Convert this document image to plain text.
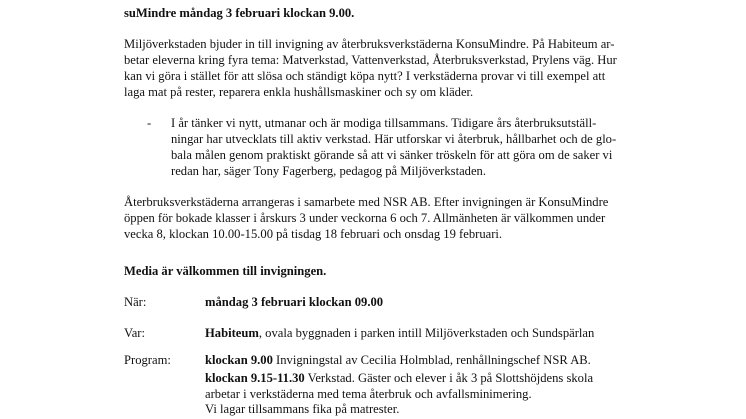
suMindre måndag 3 februari klockan 9.00.
Miljöverkstaden bjuder in till invigning av återbruksverkstäderna KonsuMindre. På Habiteum ar-
betar eleverna kring fyra tema: Matverkstad, Vattenverkstad, Återbruksverkstad, Prylens väg. Hur
kan vi göra i stället för att slösa och ständigt köpa nytt? I verkstäderna provar vi till exempel att
laga mat på rester, reparera enkla hushållsmaskiner och sy om kläder.
- I år tänker vi nytt, utmanar och är modiga tillsammans. Tidigare års återbruksutställ-
ningar har utvecklats till aktiv verkstad. Här utforskar vi återbruk, hållbarhet och de glo-
bala målen genom praktiskt görande så att vi sänker tröskeln för att göra om de saker vi
redan har, säger Tony Fagerberg, pedagog på Miljöverkstaden.
Återbruksverkstäderna arrangeras i samarbete med NSR AB. Efter invigningen är KonsuMindre
öppen för bokade klasser i årskurs 3 under veckorna 6 och 7. Allmänheten är välkommen under
vecka 8, klockan 10.00-15.00 på tisdag 18 februari och onsdag 19 februari.
Media är välkommen till invigningen.
När:	måndag 3 februari klockan 09.00
Var:	Habiteum, ovala byggnaden i parken intill Miljöverkstaden och Sundspärlan
Program:	klockan 9.00 Invigningstal av Cecilia Holmblad, renhållningschef NSR AB.
klockan 9.15-11.30 Verkstad. Gäster och elever i åk 3 på Slottshöjdens skola
arbetar i verkstäderna med tema återbruk och avfallsminimering.
Vi lagar tillsammans fika på matrester.
